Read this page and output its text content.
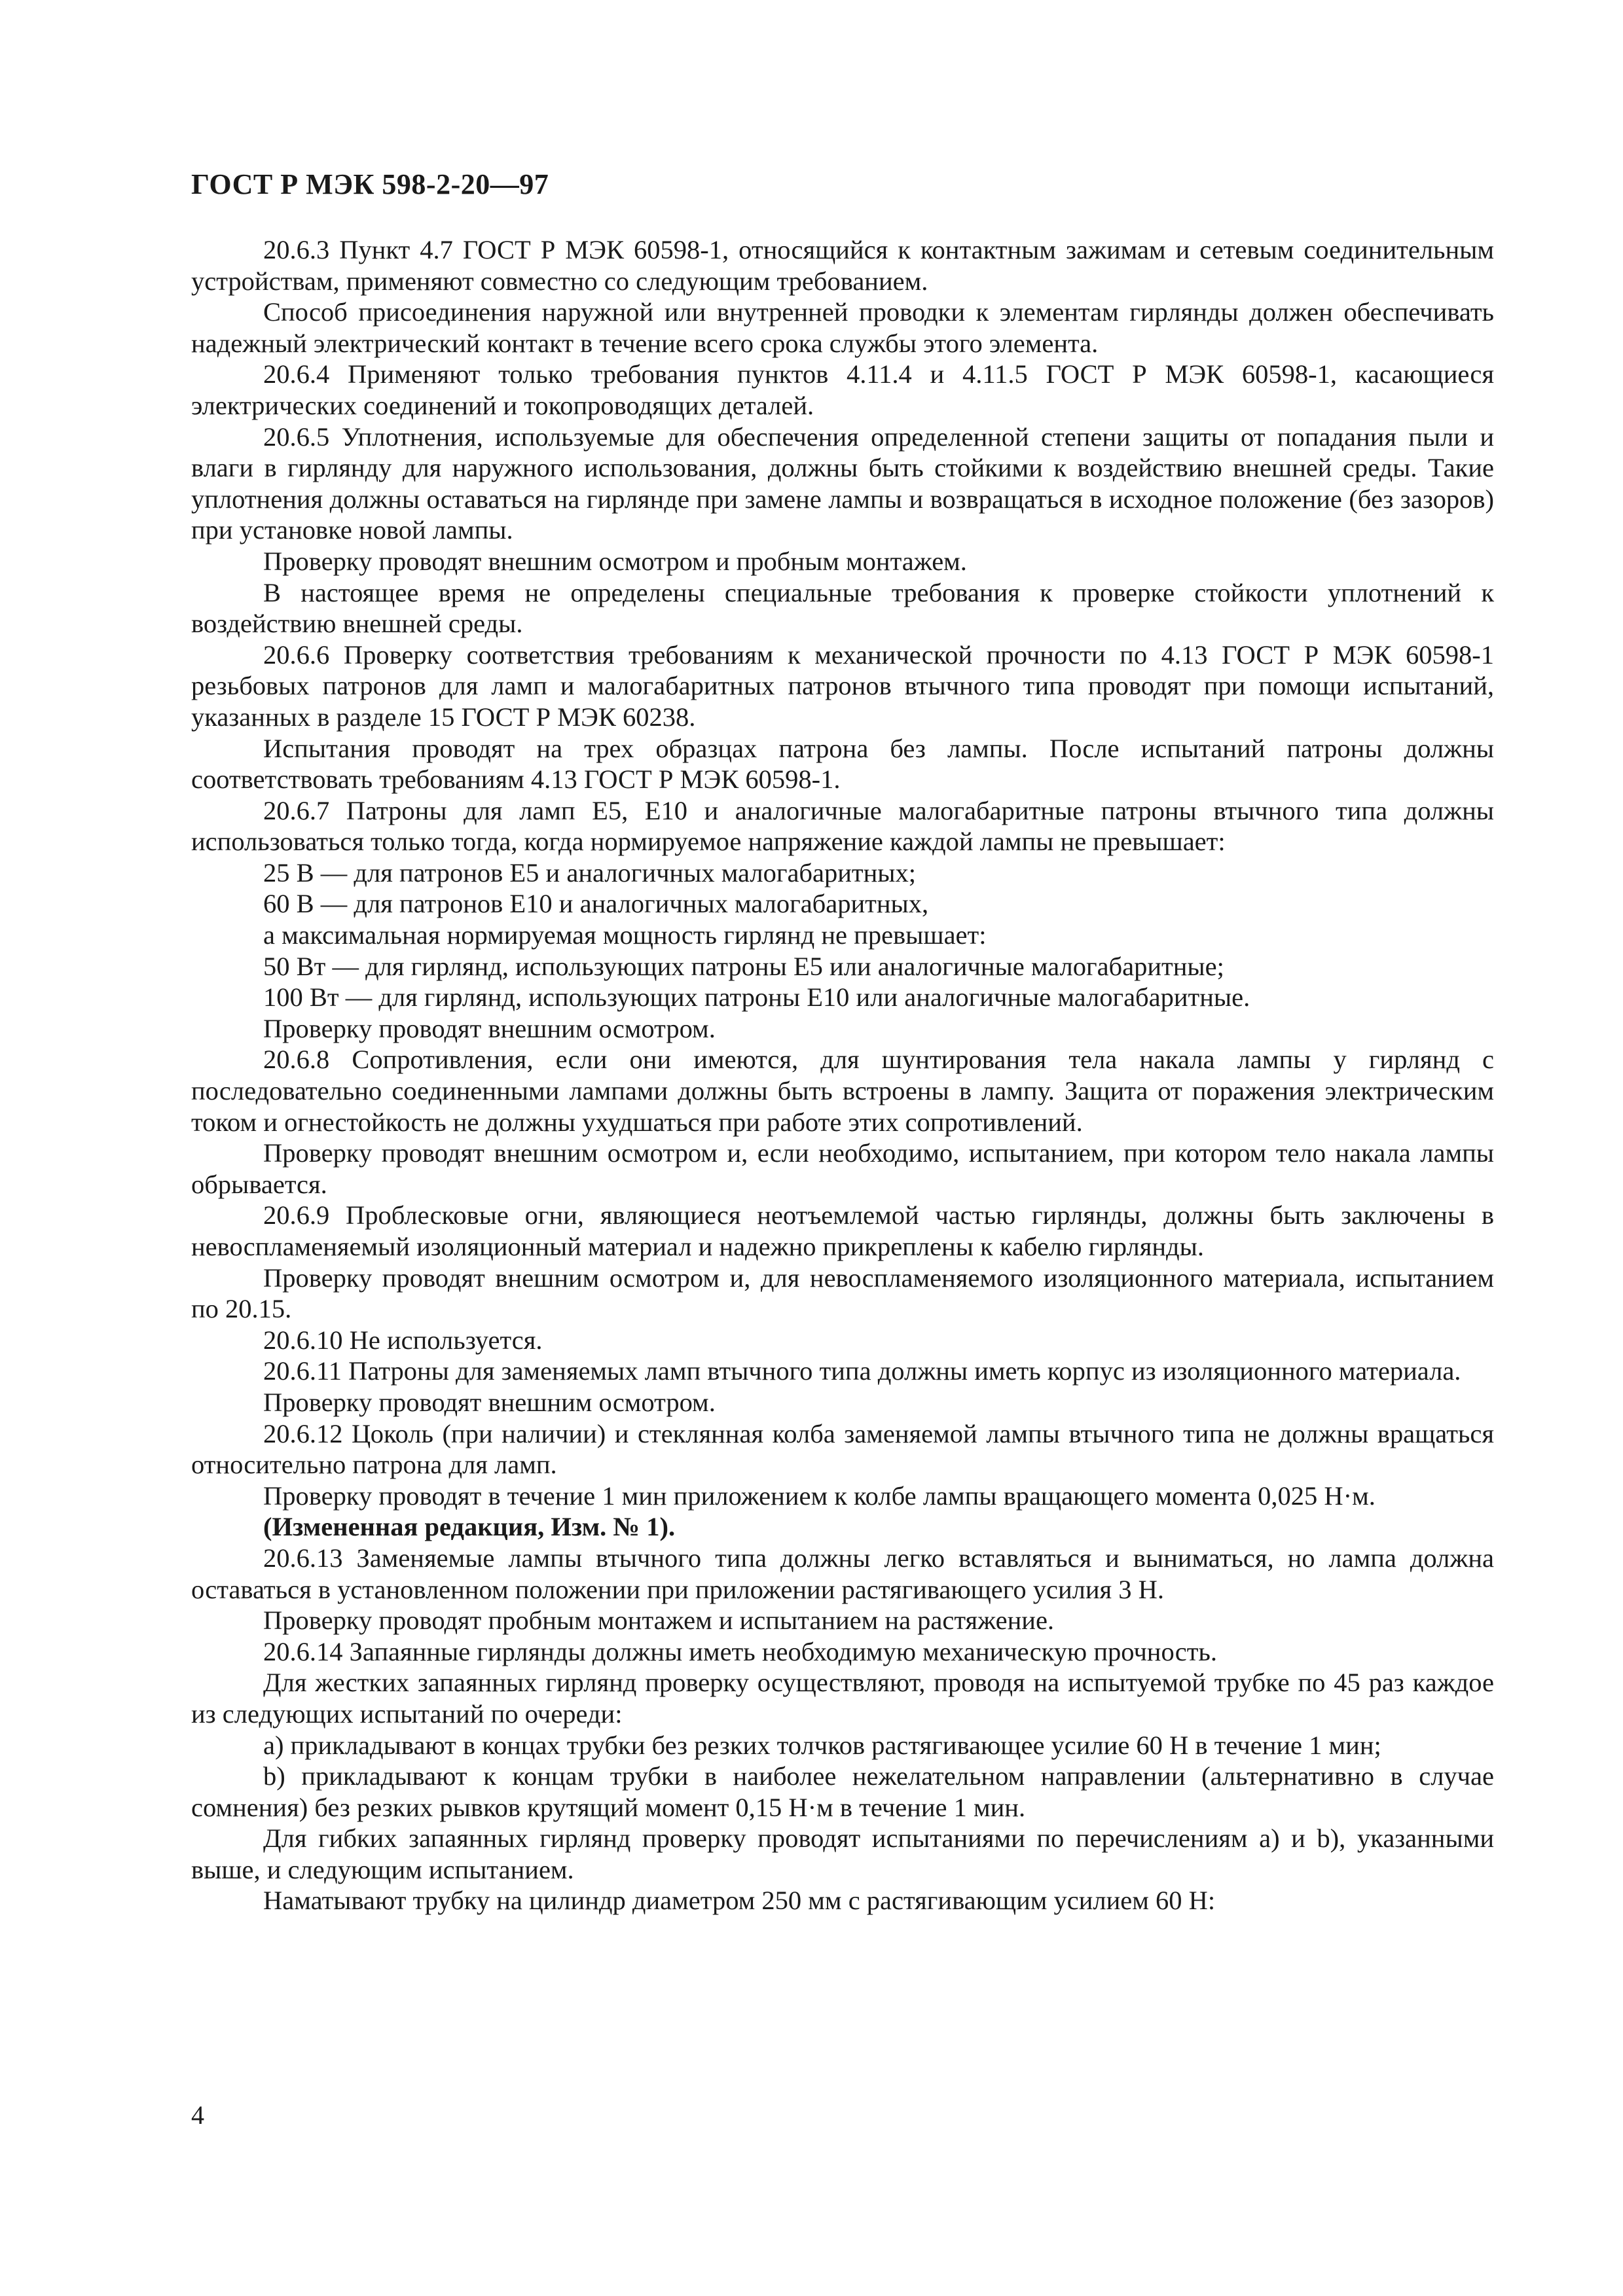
ГОСТ Р МЭК 598-2-20—97

20.6.3 Пункт 4.7 ГОСТ Р МЭК 60598-1, относящийся к контактным зажимам и сетевым соединительным устройствам, применяют совместно со следующим требованием.

Способ присоединения наружной или внутренней проводки к элементам гирлянды должен обеспечивать надежный электрический контакт в течение всего срока службы этого элемента.

20.6.4 Применяют только требования пунктов 4.11.4 и 4.11.5 ГОСТ Р МЭК 60598-1, касающиеся электрических соединений и токопроводящих деталей.

20.6.5 Уплотнения, используемые для обеспечения определенной степени защиты от попадания пыли и влаги в гирлянду для наружного использования, должны быть стойкими к воздействию внешней среды. Такие уплотнения должны оставаться на гирлянде при замене лампы и возвращаться в исходное положение (без зазоров) при установке новой лампы.

Проверку проводят внешним осмотром и пробным монтажем.

В настоящее время не определены специальные требования к проверке стойкости уплотнений к воздействию внешней среды.

20.6.6 Проверку соответствия требованиям к механической прочности по 4.13 ГОСТ Р МЭК 60598-1 резьбовых патронов для ламп и малогабаритных патронов втычного типа проводят при помощи испытаний, указанных в разделе 15 ГОСТ Р МЭК 60238.

Испытания проводят на трех образцах патрона без лампы. После испытаний патроны должны соответствовать требованиям 4.13 ГОСТ Р МЭК 60598-1.

20.6.7 Патроны для ламп Е5, Е10 и аналогичные малогабаритные патроны втычного типа должны использоваться только тогда, когда нормируемое напряжение каждой лампы не превышает:

25 В — для патронов Е5 и аналогичных малогабаритных;

60 В — для патронов Е10 и аналогичных малогабаритных,

а максимальная нормируемая мощность гирлянд не превышает:

50 Вт — для гирлянд, использующих патроны Е5 или аналогичные малогабаритные;

100 Вт — для гирлянд, использующих патроны Е10 или аналогичные малогабаритные.

Проверку проводят внешним осмотром.

20.6.8 Сопротивления, если они имеются, для шунтирования тела накала лампы у гирлянд с последовательно соединенными лампами должны быть встроены в лампу. Защита от поражения электрическим током и огнестойкость не должны ухудшаться при работе этих сопротивлений.

Проверку проводят внешним осмотром и, если необходимо, испытанием, при котором тело накала лампы обрывается.

20.6.9 Проблесковые огни, являющиеся неотъемлемой частью гирлянды, должны быть заключены в невоспламеняемый изоляционный материал и надежно прикреплены к кабелю гирлянды.

Проверку проводят внешним осмотром и, для невоспламеняемого изоляционного материала, испытанием по 20.15.

20.6.10 Не используется.

20.6.11 Патроны для заменяемых ламп втычного типа должны иметь корпус из изоляционного материала.

Проверку проводят внешним осмотром.

20.6.12 Цоколь (при наличии) и стеклянная колба заменяемой лампы втычного типа не должны вращаться относительно патрона для ламп.

Проверку проводят в течение 1 мин приложением к колбе лампы вращающего момента 0,025 Н·м.

(Измененная редакция, Изм. № 1).

20.6.13 Заменяемые лампы втычного типа должны легко вставляться и выниматься, но лампа должна оставаться в установленном положении при приложении растягивающего усилия 3 Н.

Проверку проводят пробным монтажем и испытанием на растяжение.

20.6.14 Запаянные гирлянды должны иметь необходимую механическую прочность.

Для жестких запаянных гирлянд проверку осуществляют, проводя на испытуемой трубке по 45 раз каждое из следующих испытаний по очереди:

а) прикладывают в концах трубки без резких толчков растягивающее усилие 60 Н в течение 1 мин;

b) прикладывают к концам трубки в наиболее нежелательном направлении (альтернативно в случае сомнения) без резких рывков крутящий момент 0,15 Н·м в течение 1 мин.

Для гибких запаянных гирлянд проверку проводят испытаниями по перечислениям а) и b), указанными выше, и следующим испытанием.

Наматывают трубку на цилиндр диаметром 250 мм с растягивающим усилием 60 Н:

4
